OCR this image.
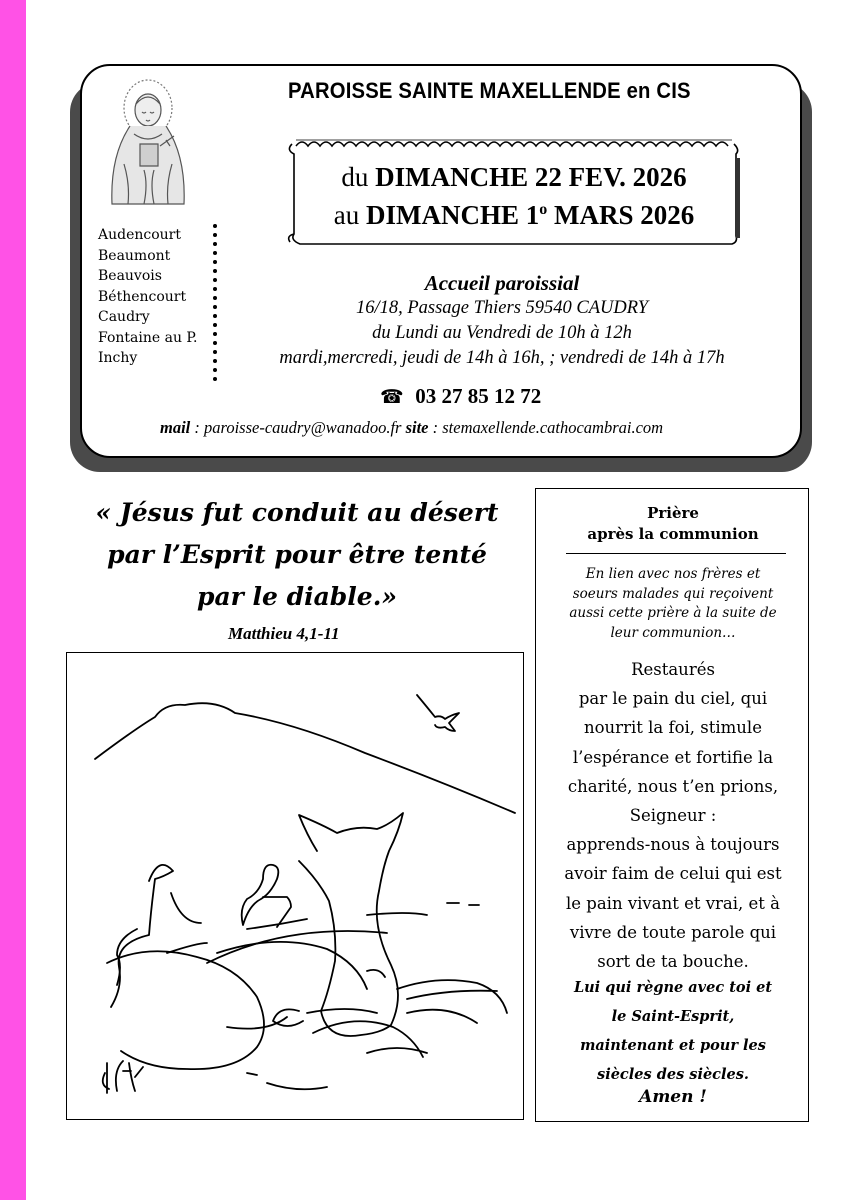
PAROISSE SAINTE MAXELLENDE en CIS
Audencourt
Beaumont
Beauvois
Béthencourt
Caudry
Fontaine au P.
Inchy
du DIMANCHE 22 FEV. 2026
au DIMANCHE 1$^o$ MARS 2026
Accueil paroissial
16/18, Passage Thiers 59540 CAUDRY
du Lundi au Vendredi de 10h à 12h
mardi,mercredi, jeudi de 14h à 16h, ; vendredi de 14h à 17h
☎ 03 27 85 12 72
mail : paroisse-caudry@wanadoo.fr site : stemaxellende.cathocambrai.com
« Jésus fut conduit au désert
par l’Esprit pour être tenté
par le diable.»
Matthieu 4,1-11
dfx
Prière
après la communion
En lien avec nos frères et
soeurs malades qui reçoivent
aussi cette prière à la suite de
leur communion…
Restaurés
par le pain du ciel, qui
nourrit la foi, stimule
l’espérance et fortifie la
charité, nous t’en prions,
Seigneur :
apprends-nous à toujours
avoir faim de celui qui est
le pain vivant et vrai, et à
vivre de toute parole qui
sort de ta bouche.
Lui qui règne avec toi et
le Saint-Esprit,
maintenant et pour les
siècles des siècles.
Amen !
